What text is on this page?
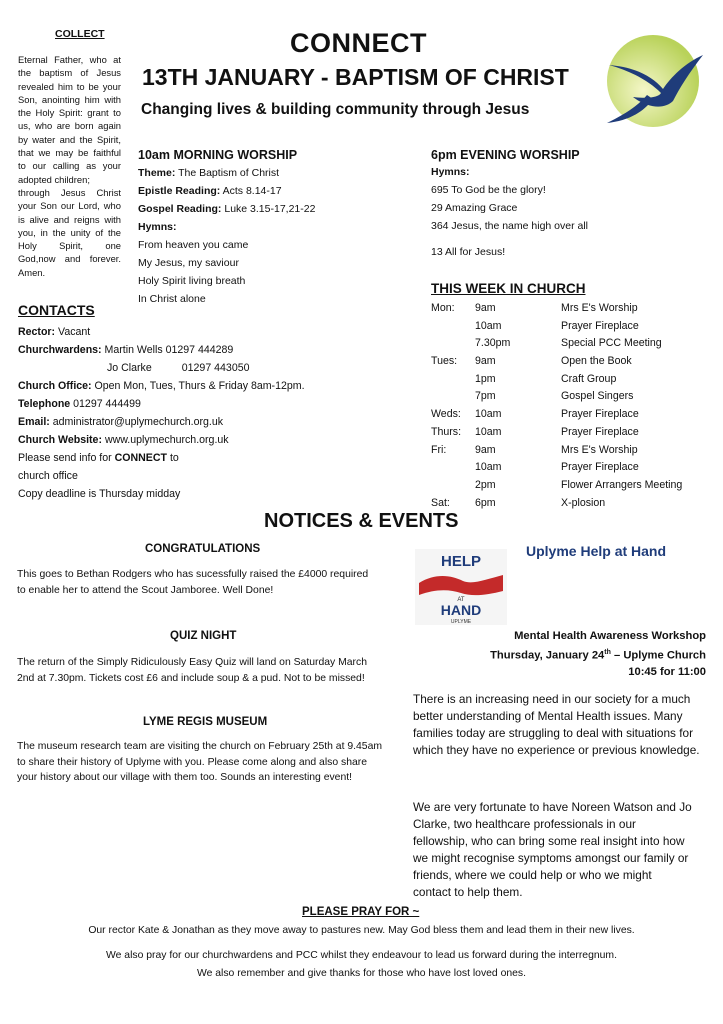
COLLECT
Eternal Father, who at
the baptism of Jesus
revealed him to be your
Son, anointing him with
the Holy Spirit: grant to
us, who are born again
by water and the Spirit,
that we may be faithful
to our calling as your
adopted children;
through Jesus Christ
your Son our Lord, who
is alive and reigns with
you, in the unity of the
Holy Spirit, one
God,now and forever.
Amen.
CONNECT
13TH JANUARY - BAPTISM OF CHRIST
Changing lives & building community through Jesus
10am MORNING WORSHIP
Theme: The Baptism of Christ
Epistle Reading: Acts 8.14-17
Gospel Reading: Luke 3.15-17,21-22
Hymns:
From heaven you came
My Jesus, my saviour
Holy Spirit living breath
In Christ alone
6pm EVENING WORSHIP
Hymns:
695 To God be the glory!
29 Amazing Grace
364 Jesus, the name high over all
13 All for Jesus!
CONTACTS
Rector: Vacant
Churchwardens: Martin Wells 01297 444289
Jo Clarke	01297 443050
Church Office: Open Mon, Tues, Thurs & Friday 8am-12pm.
Telephone 01297 444499
Email: administrator@uplymechurch.org.uk
Church Website: www.uplymechurch.org.uk
Please send info for CONNECT to
church office
Copy deadline is Thursday midday
THIS WEEK IN CHURCH
Mon: 9am	Mrs E's Worship
10am	Prayer Fireplace
7.30pm	Special PCC Meeting
Tues: 9am	Open the Book
1pm	Craft Group
7pm	Gospel Singers
Weds: 10am	Prayer Fireplace
Thurs: 10am	Prayer Fireplace
Fri:	9am	Mrs E's Worship
10am	Prayer Fireplace
2pm	Flower Arrangers Meeting
Sat: 6pm	X-plosion
NOTICES & EVENTS
CONGRATULATIONS
This goes to Bethan Rodgers who has sucessfully raised the £4000 required
to enable her to attend the Scout Jamboree. Well Done!
QUIZ NIGHT
The return of the Simply Ridiculously Easy Quiz will land on Saturday March
2nd at 7.30pm. Tickets cost £6 and include soup & a pud. Not to be missed!
LYME REGIS MUSEUM
The museum research team are visiting the church on February 25th at 9.45am
to share their history of Uplyme with you. Please come along and also share
your history about our village with them too. Sounds an interesting event!
HELP
AT
HAND
UPLYME
Uplyme Help at Hand
Mental Health Awareness Workshop
Thursday, January 24th – Uplyme Church
10:45 for 11:00
There is an increasing need in our society for a much
better understanding of Mental Health issues. Many
families today are struggling to deal with situations for
which they have no experience or previous knowledge.
We are very fortunate to have Noreen Watson and Jo
Clarke, two healthcare professionals in our
fellowship, who can bring some real insight into how
we might recognise symptoms amongst our family or
friends, where we could help or who we might
contact to help them.
PLEASE PRAY FOR ~
Our rector Kate & Jonathan as they move away to pastures new. May God bless them and lead them in their new lives.
We also pray for our churchwardens and PCC whilst they endeavour to lead us forward during the interregnum.
We also remember and give thanks for those who have lost loved ones.
